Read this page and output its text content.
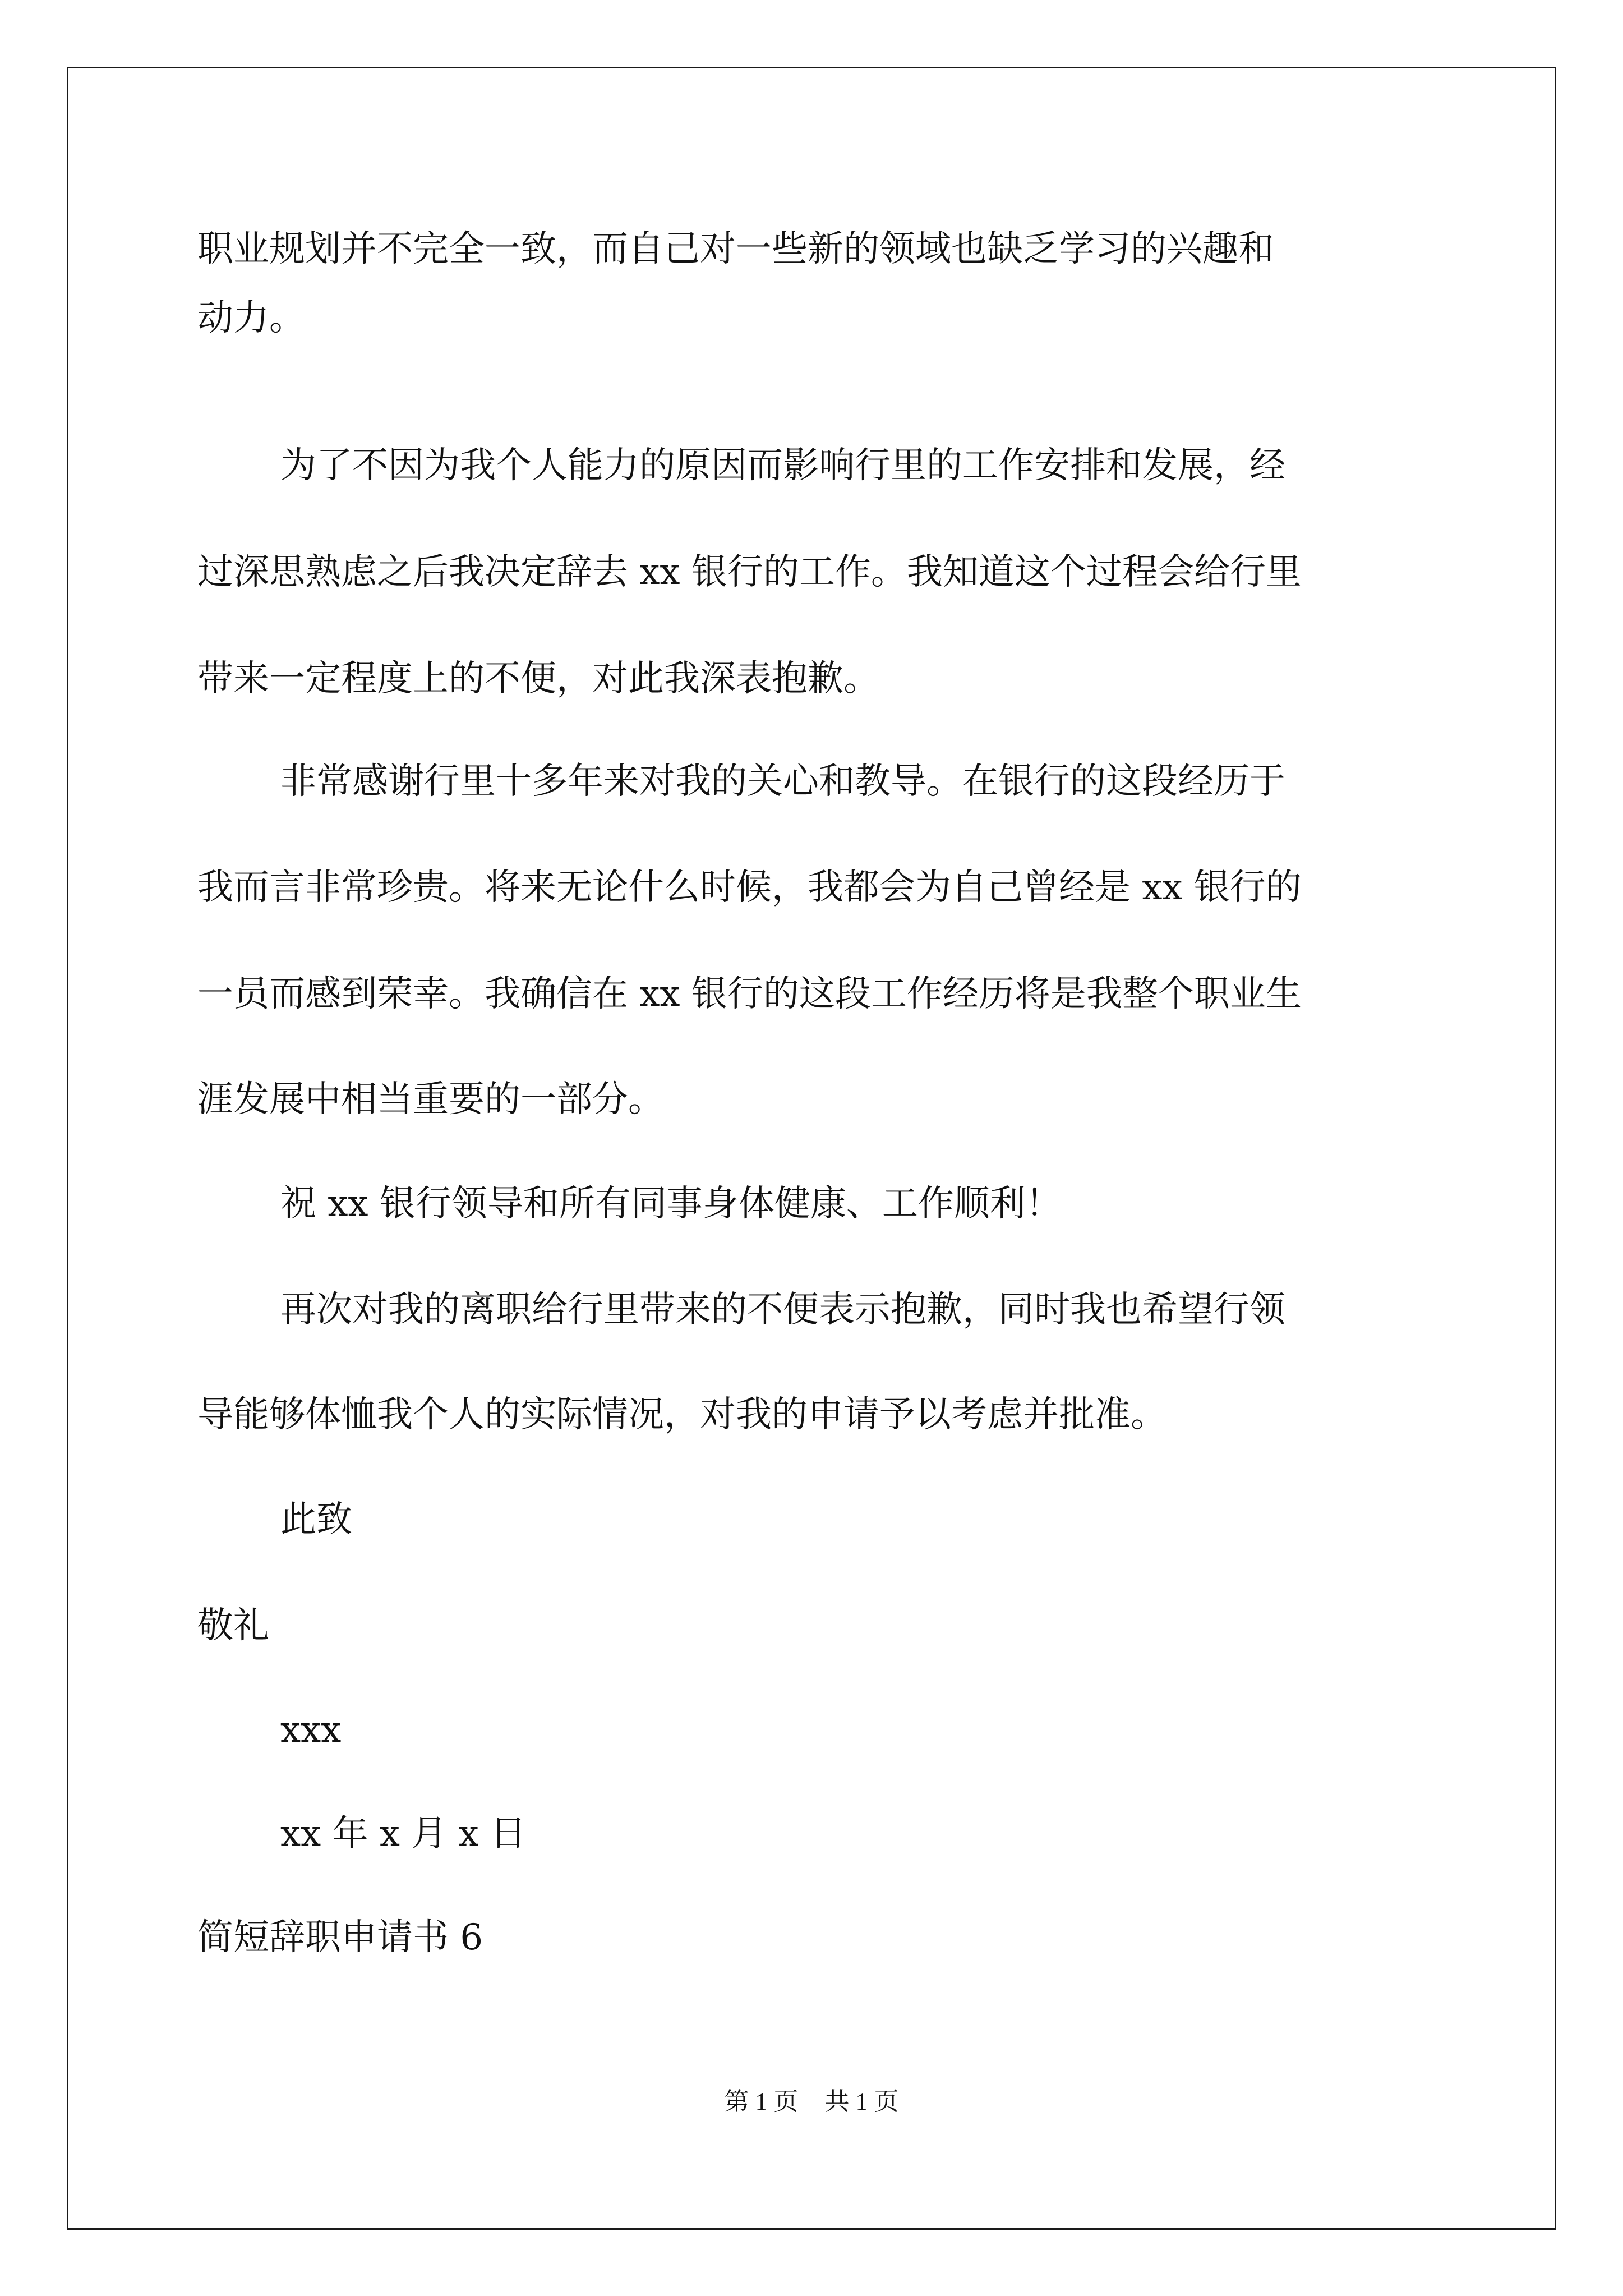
职业规划并不完全一致，而自己对一些新的领域也缺乏学习的兴趣和
动力。
为了不因为我个人能力的原因而影响行里的工作安排和发展，经
过深思熟虑之后我决定辞去 xx 银行的工作。我知道这个过程会给行里
带来一定程度上的不便，对此我深表抱歉。
非常感谢行里十多年来对我的关心和教导。在银行的这段经历于
我而言非常珍贵。将来无论什么时候，我都会为自己曾经是 xx 银行的
一员而感到荣幸。我确信在 xx 银行的这段工作经历将是我整个职业生
涯发展中相当重要的一部分。
祝 xx 银行领导和所有同事身体健康、工作顺利！
再次对我的离职给行里带来的不便表示抱歉，同时我也希望行领
导能够体恤我个人的实际情况，对我的申请予以考虑并批准。
此致
敬礼
xxx
xx 年 x 月 x 日
简短辞职申请书 6
第 1 页 共 1 页
